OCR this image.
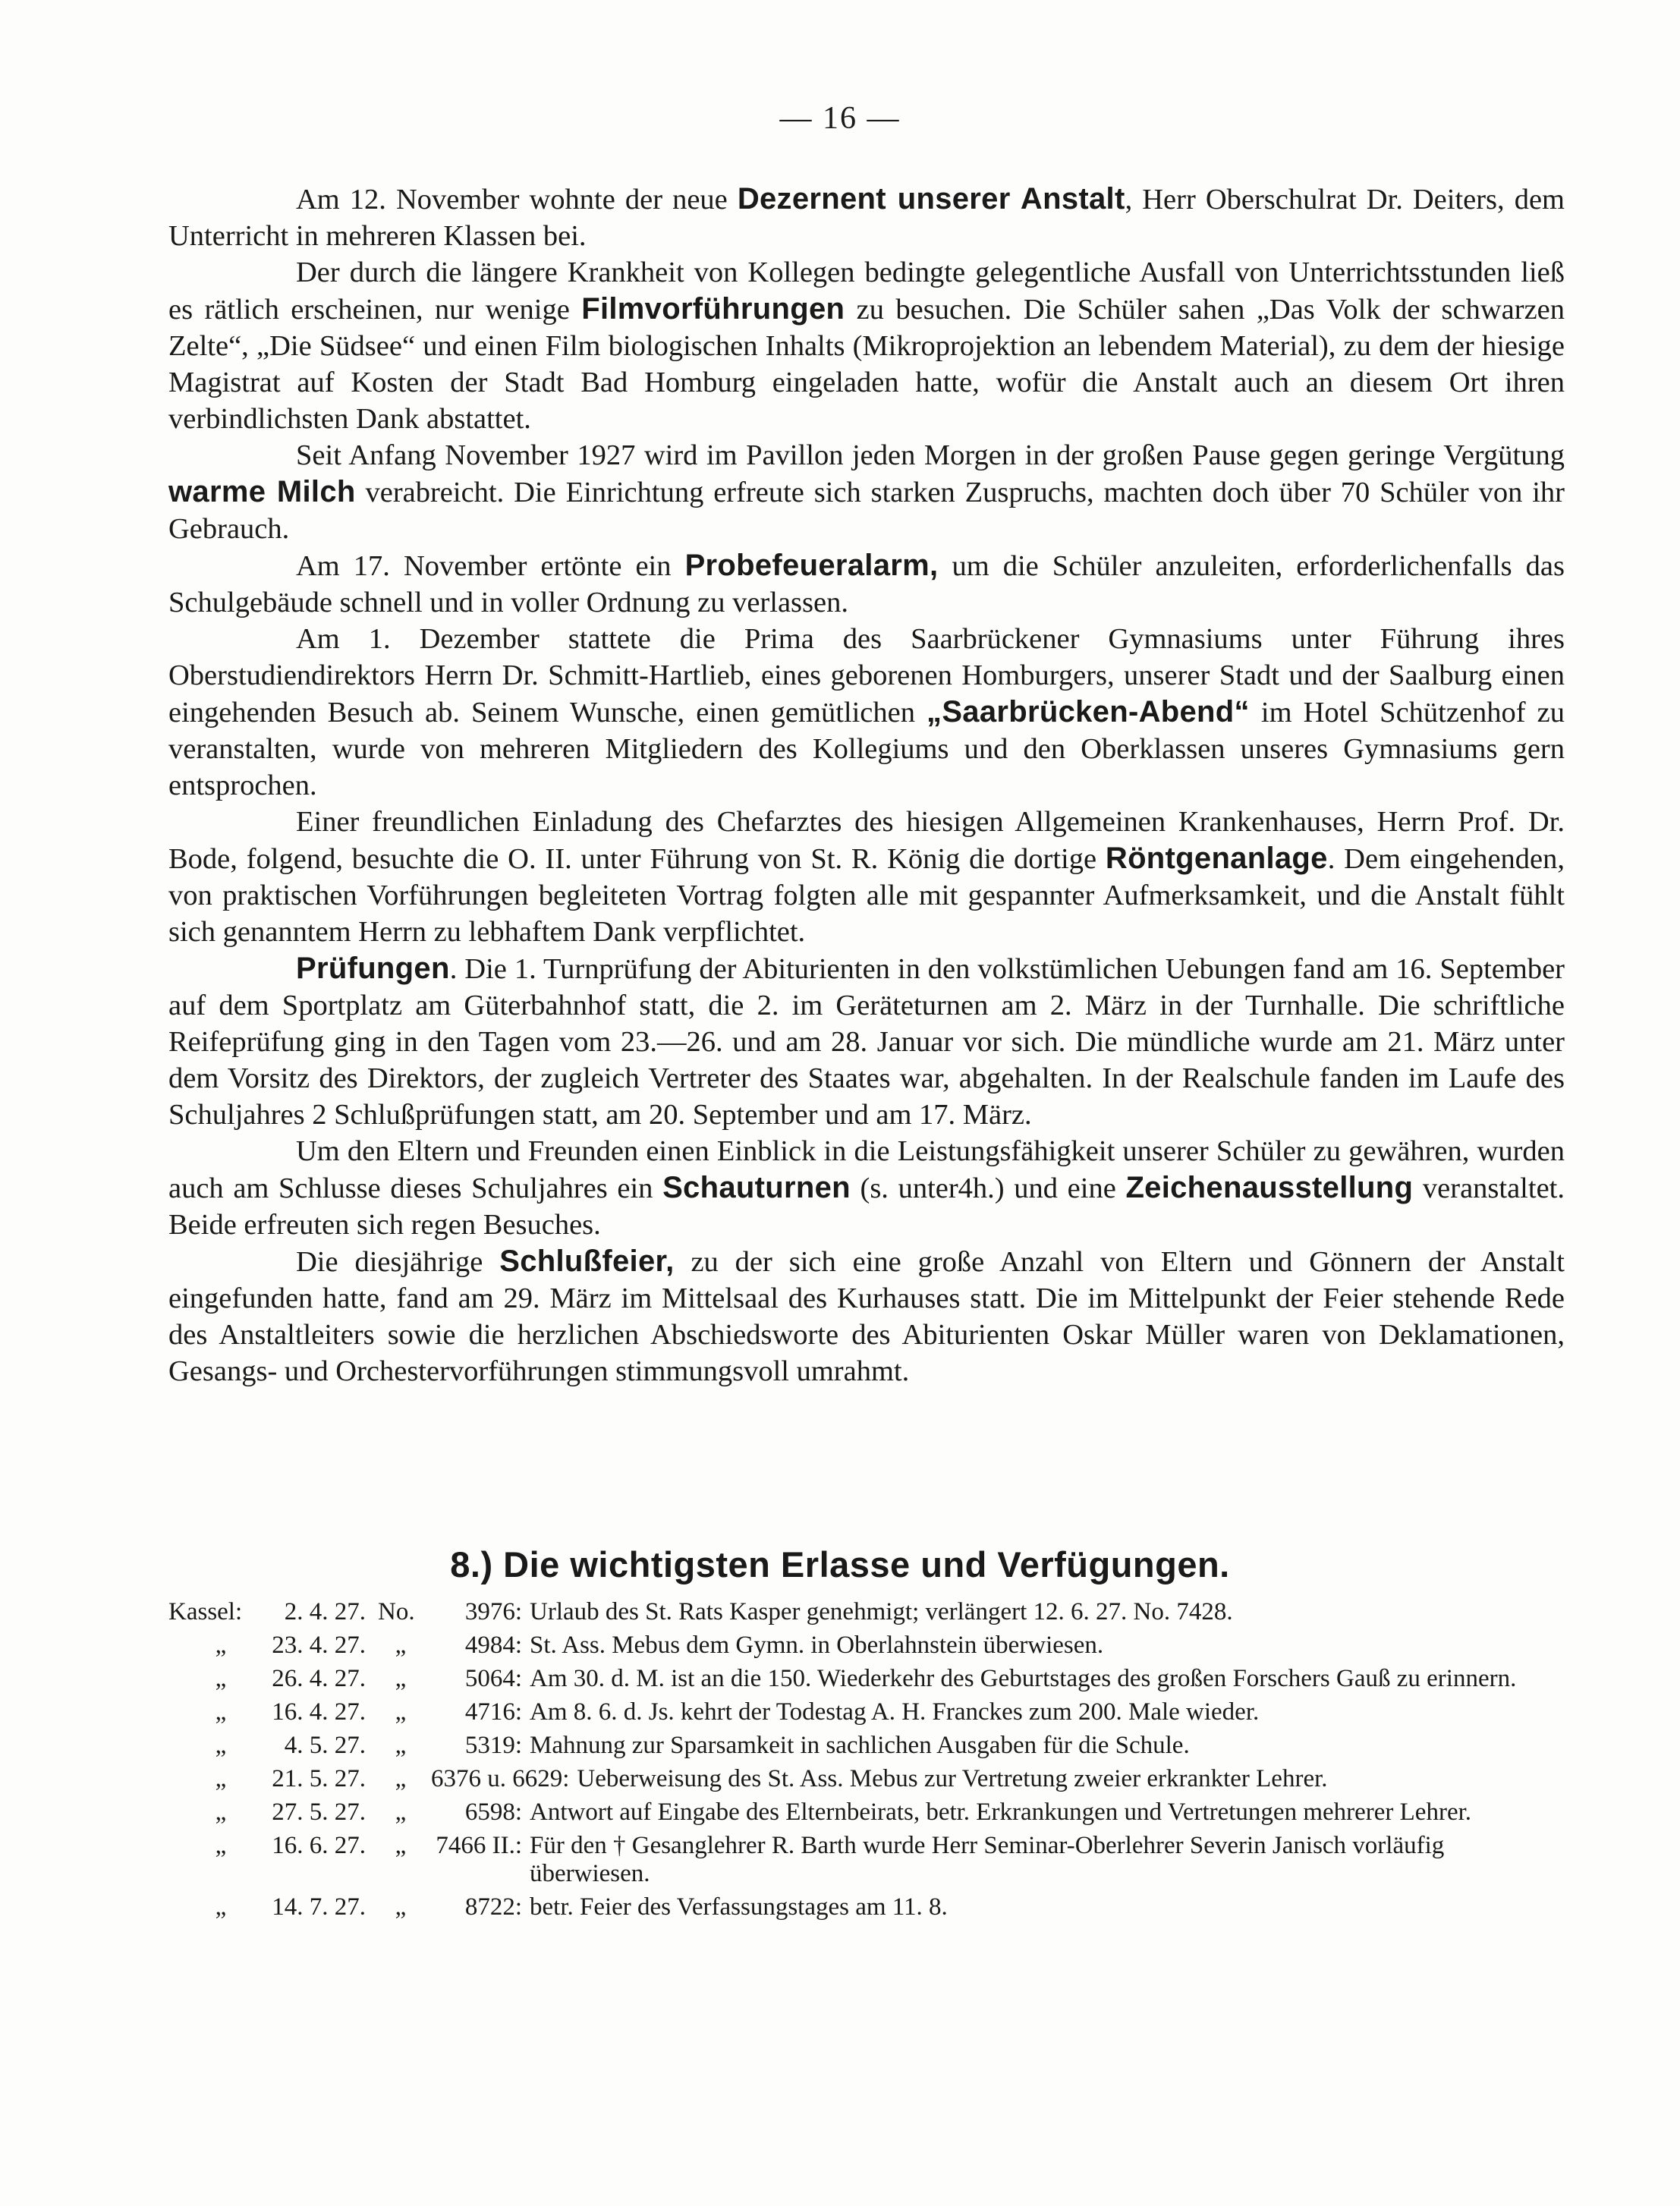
— 16 —

Am 12. November wohnte der neue Dezernent unserer Anstalt, Herr Oberschulrat Dr. Deiters, dem Unterricht in mehreren Klassen bei.

Der durch die längere Krankheit von Kollegen bedingte gelegentliche Ausfall von Unterrichtsstunden ließ es rätlich erscheinen, nur wenige Filmvorführungen zu besuchen. Die Schüler sahen „Das Volk der schwarzen Zelte“, „Die Südsee“ und einen Film biologischen Inhalts (Mikroprojektion an lebendem Material), zu dem der hiesige Magistrat auf Kosten der Stadt Bad Homburg eingeladen hatte, wofür die Anstalt auch an diesem Ort ihren verbindlichsten Dank abstattet.

Seit Anfang November 1927 wird im Pavillon jeden Morgen in der großen Pause gegen geringe Vergütung warme Milch verabreicht. Die Einrichtung erfreute sich starken Zuspruchs, machten doch über 70 Schüler von ihr Gebrauch.

Am 17. November ertönte ein Probefeueralarm, um die Schüler anzuleiten, erforderlichenfalls das Schulgebäude schnell und in voller Ordnung zu verlassen.

Am 1. Dezember stattete die Prima des Saarbrückener Gymnasiums unter Führung ihres Oberstudiendirektors Herrn Dr. Schmitt-Hartlieb, eines geborenen Homburgers, unserer Stadt und der Saalburg einen eingehenden Besuch ab. Seinem Wunsche, einen gemütlichen „Saarbrücken-Abend“ im Hotel Schützenhof zu veranstalten, wurde von mehreren Mitgliedern des Kollegiums und den Oberklassen unseres Gymnasiums gern entsprochen.

Einer freundlichen Einladung des Chefarztes des hiesigen Allgemeinen Krankenhauses, Herrn Prof. Dr. Bode, folgend, besuchte die O. II. unter Führung von St. R. König die dortige Röntgenanlage. Dem eingehenden, von praktischen Vorführungen begleiteten Vortrag folgten alle mit gespannter Aufmerksamkeit, und die Anstalt fühlt sich genanntem Herrn zu lebhaftem Dank verpflichtet.

Prüfungen. Die 1. Turnprüfung der Abiturienten in den volkstümlichen Uebungen fand am 16. September auf dem Sportplatz am Güterbahnhof statt, die 2. im Geräteturnen am 2. März in der Turnhalle. Die schriftliche Reifeprüfung ging in den Tagen vom 23.—26. und am 28. Januar vor sich. Die mündliche wurde am 21. März unter dem Vorsitz des Direktors, der zugleich Vertreter des Staates war, abgehalten. In der Realschule fanden im Laufe des Schuljahres 2 Schlußprüfungen statt, am 20. September und am 17. März.

Um den Eltern und Freunden einen Einblick in die Leistungsfähigkeit unserer Schüler zu gewähren, wurden auch am Schlusse dieses Schuljahres ein Schauturnen (s. unter4h.) und eine Zeichenausstellung veranstaltet. Beide erfreuten sich regen Besuches.

Die diesjährige Schlußfeier, zu der sich eine große Anzahl von Eltern und Gönnern der Anstalt eingefunden hatte, fand am 29. März im Mittelsaal des Kurhauses statt. Die im Mittelpunkt der Feier stehende Rede des Anstaltleiters sowie die herzlichen Abschiedsworte des Abiturienten Oskar Müller waren von Deklamationen, Gesangs- und Orchestervorführungen stimmungsvoll umrahmt.

8.) Die wichtigsten Erlasse und Verfügungen.
Kassel:	2. 4. 27. No.	3976: Urlaub des St. Rats Kasper genehmigt; verlängert 12. 6. 27. No. 7428.
„	23. 4. 27.	„	4984: St. Ass. Mebus dem Gymn. in Oberlahnstein überwiesen.
„	26. 4. 27.	„	5064: Am 30. d. M. ist an die 150. Wiederkehr des Geburtstages des großen Forschers Gauß zu erinnern.
„	16. 4. 27.	„	4716: Am 8. 6. d. Js. kehrt der Todestag A. H. Franckes zum 200. Male wieder.
„	4. 5. 27.	„	5319: Mahnung zur Sparsamkeit in sachlichen Ausgaben für die Schule.
„	21. 5. 27.	„ 6376 u. 6629: Ueberweisung des St. Ass. Mebus zur Vertretung zweier erkrankter Lehrer.
„	27. 5. 27.	„	6598: Antwort auf Eingabe des Elternbeirats, betr. Erkrankungen und Vertretungen mehrerer Lehrer.
„	16. 6. 27.	„	7466 II.: Für den † Gesanglehrer R. Barth wurde Herr Seminar-Oberlehrer Severin Janisch vorläufig überwiesen.
„	14. 7. 27.	„	8722: betr. Feier des Verfassungstages am 11. 8.
